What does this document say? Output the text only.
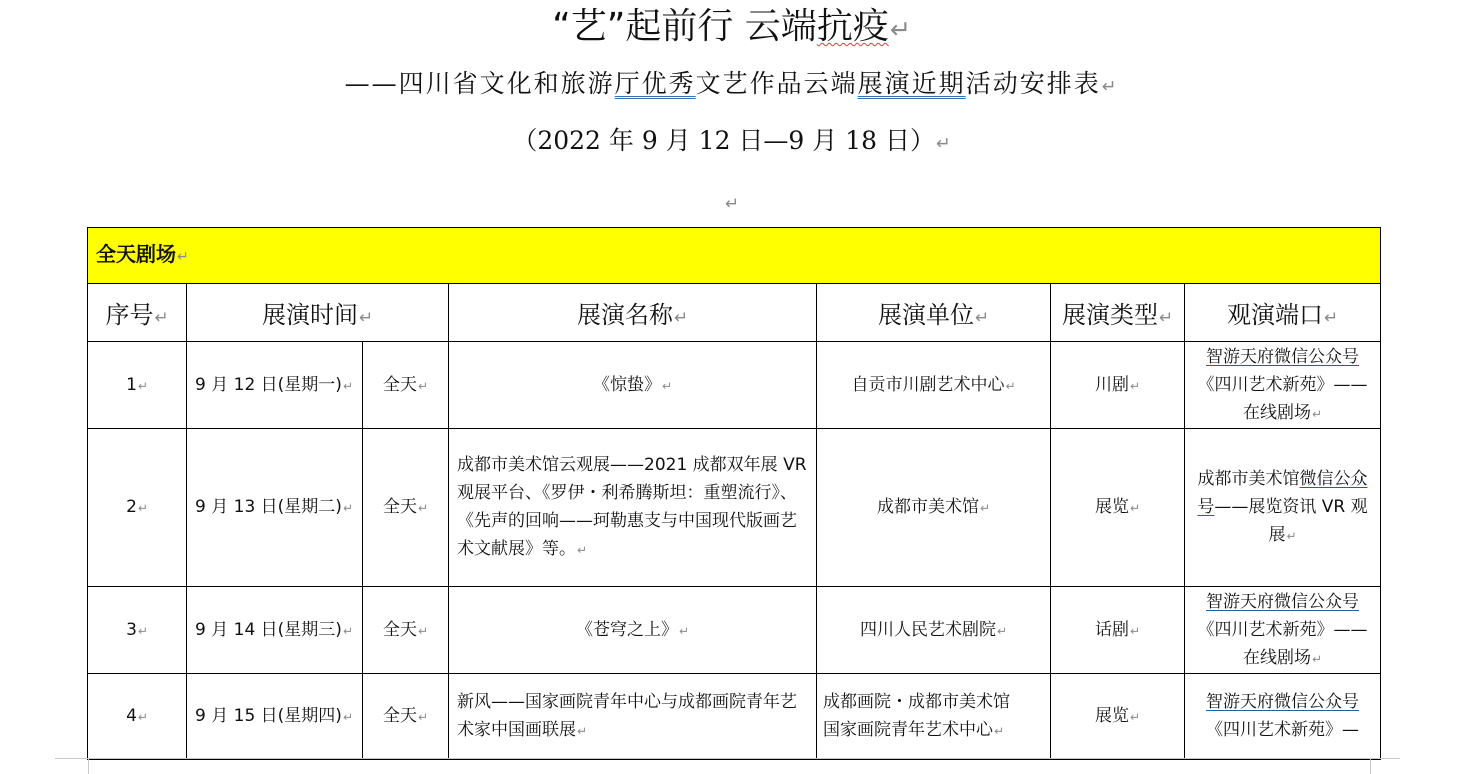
“艺”起前行 云端抗疫↵
——四川省文化和旅游厅优秀文艺作品云端展演近期活动安排表↵
（2022 年 9 月 12 日—9 月 18 日）↵
↵
全天剧场↵						
序号↵	展演时间↵		展演名称↵	展演单位↵	展演类型↵	观演端口↵
1↵	9 月 12 日(星期一)↵	全天↵	《惊蛰》↵	自贡市川剧艺术中心↵	川剧↵	智游天府微信公众号《四川艺术新苑》——在线剧场↵
2↵	9 月 13 日(星期二)↵	全天↵	成都市美术馆云观展——2021 成都双年展 VR 观展平台、《罗伊・利希腾斯坦：重塑流行》、《先声的回响——珂勒惠支与中国现代版画艺术文献展》等。↵	成都市美术馆↵	展览↵	成都市美术馆微信公众号——展览资讯 VR 观展↵
3↵	9 月 14 日(星期三)↵	全天↵	《苍穹之上》↵	四川人民艺术剧院↵	话剧↵	智游天府微信公众号《四川艺术新苑》——在线剧场↵
4↵	9 月 15 日(星期四)↵	全天↵	新风——国家画院青年中心与成都画院青年艺术家中国画联展↵	成都画院・成都市美术馆
国家画院青年艺术中心↵	展览↵	智游天府微信公众号《四川艺术新苑》—
